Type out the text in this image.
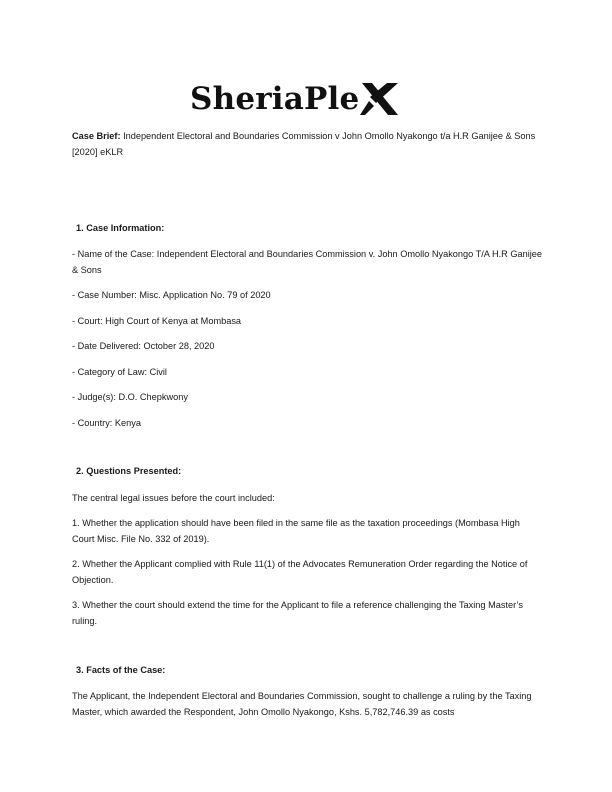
SheriaPle
Case Brief: Independent Electoral and Boundaries Commission v John Omollo Nyakongo t/a H.R Ganijee & Sons [2020] eKLR
1. Case Information:
- Name of the Case: Independent Electoral and Boundaries Commission v. John Omollo Nyakongo T/A H.R Ganijee & Sons
- Case Number: Misc. Application No. 79 of 2020
- Court: High Court of Kenya at Mombasa
- Date Delivered: October 28, 2020
- Category of Law: Civil
- Judge(s): D.O. Chepkwony
- Country: Kenya
2. Questions Presented:
The central legal issues before the court included:
1. Whether the application should have been filed in the same file as the taxation proceedings (Mombasa High Court Misc. File No. 332 of 2019).
2. Whether the Applicant complied with Rule 11(1) of the Advocates Remuneration Order regarding the Notice of Objection.
3. Whether the court should extend the time for the Applicant to file a reference challenging the Taxing Master’s ruling.
3. Facts of the Case:
The Applicant, the Independent Electoral and Boundaries Commission, sought to challenge a ruling by the Taxing Master, which awarded the Respondent, John Omollo Nyakongo, Kshs. 5,782,746.39 as costs
